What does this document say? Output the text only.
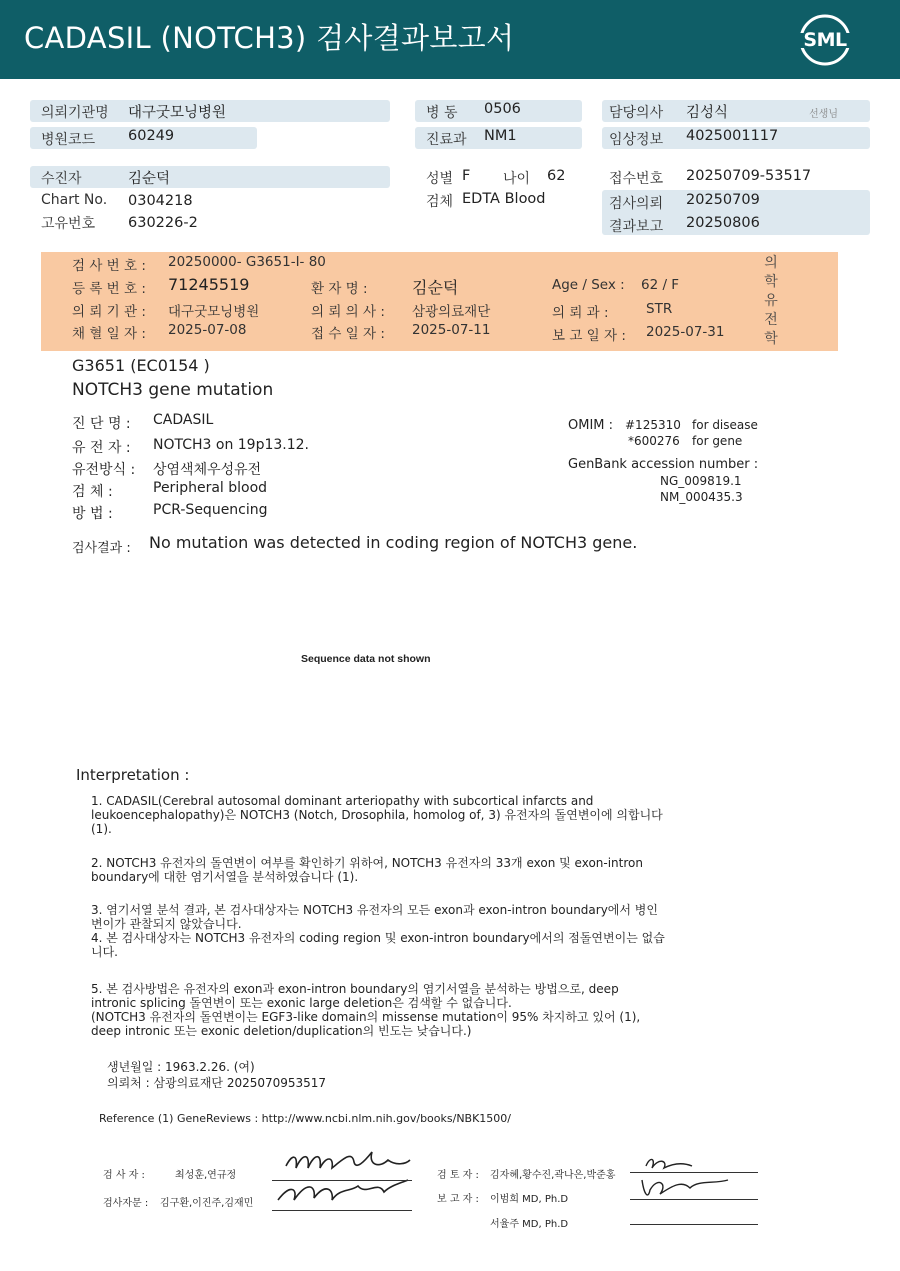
CADASIL (NOTCH3) 검사결과보고서	SML
의뢰기관명 대구굿모닝병원
병원코드 60249
수진자	김순덕
Chart No. 0304218
고유번호 630226-2
병 동 0506
진료과 NM1
성별 F 나이 62
검체 EDTA Blood
담당의사 김성식	선생님
임상정보 4025001117
접수번호 20250709-53517
검사의뢰 20250709
결과보고 20250806
검 사 번 호 : 20250000- G3651-I- 80
등 록 번 호 : 71245519	환 자 명 :	김순덕	Age / Sex : 62 / F
의 뢰 기 관 : 대구굿모닝병원	의 뢰 의 사 : 삼광의료재단	의 뢰 과 :	STR
채 혈 일 자 : 2025-07-08	접 수 일 자 : 2025-07-11	보 고 일 자 : 2025-07-31
의
학
유
전
학
G3651 (EC0154 )
NOTCH3 gene mutation
진 단 명 : CADASIL
유 전 자 : NOTCH3 on 19p13.12.
유전방식 : 상염색체우성유전
검 체 :	Peripheral blood
방 법 :	PCR-Sequencing
OMIM : #125310 for disease
*600276 for gene
GenBank accession number :
NG_009819.1
NM_000435.3
검사결과 : No mutation was detected in coding region of NOTCH3 gene.
Sequence data not shown
Interpretation :
1. CADASIL(Cerebral autosomal dominant arteriopathy with subcortical infarcts and
leukoencephalopathy)은 NOTCH3 (Notch, Drosophila, homolog of, 3) 유전자의 돌연변이에 의합니다
(1).
2. NOTCH3 유전자의 돌연변이 여부를 확인하기 위하여, NOTCH3 유전자의 33개 exon 및 exon-intron
boundary에 대한 염기서열을 분석하였습니다 (1).
3. 염기서열 분석 결과, 본 검사대상자는 NOTCH3 유전자의 모든 exon과 exon-intron boundary에서 병인
변이가 관찰되지 않았습니다.
4. 본 검사대상자는 NOTCH3 유전자의 coding region 및 exon-intron boundary에서의 점돌연변이는 없습
니다.
5. 본 검사방법은 유전자의 exon과 exon-intron boundary의 염기서열을 분석하는 방법으로, deep
intronic splicing 돌연변이 또는 exonic large deletion은 검색할 수 없습니다.
(NOTCH3 유전자의 돌연변이는 EGF3-like domain의 missense mutation이 95% 차지하고 있어 (1),
deep intronic 또는 exonic deletion/duplication의 빈도는 낮습니다.)
생년월일 : 1963.2.26. (여)
의뢰처 : 삼광의료재단 2025070953517
Reference (1) GeneReviews : http://www.ncbi.nlm.nih.gov/books/NBK1500/
검 사 자 :	최성훈,연규정
검사자문 : 김구환,이진주,김재민
검 토 자 : 김자혜,황수진,곽나은,박준홍
보 고 자 : 이범희 MD, Ph.D
서율주 MD, Ph.D
